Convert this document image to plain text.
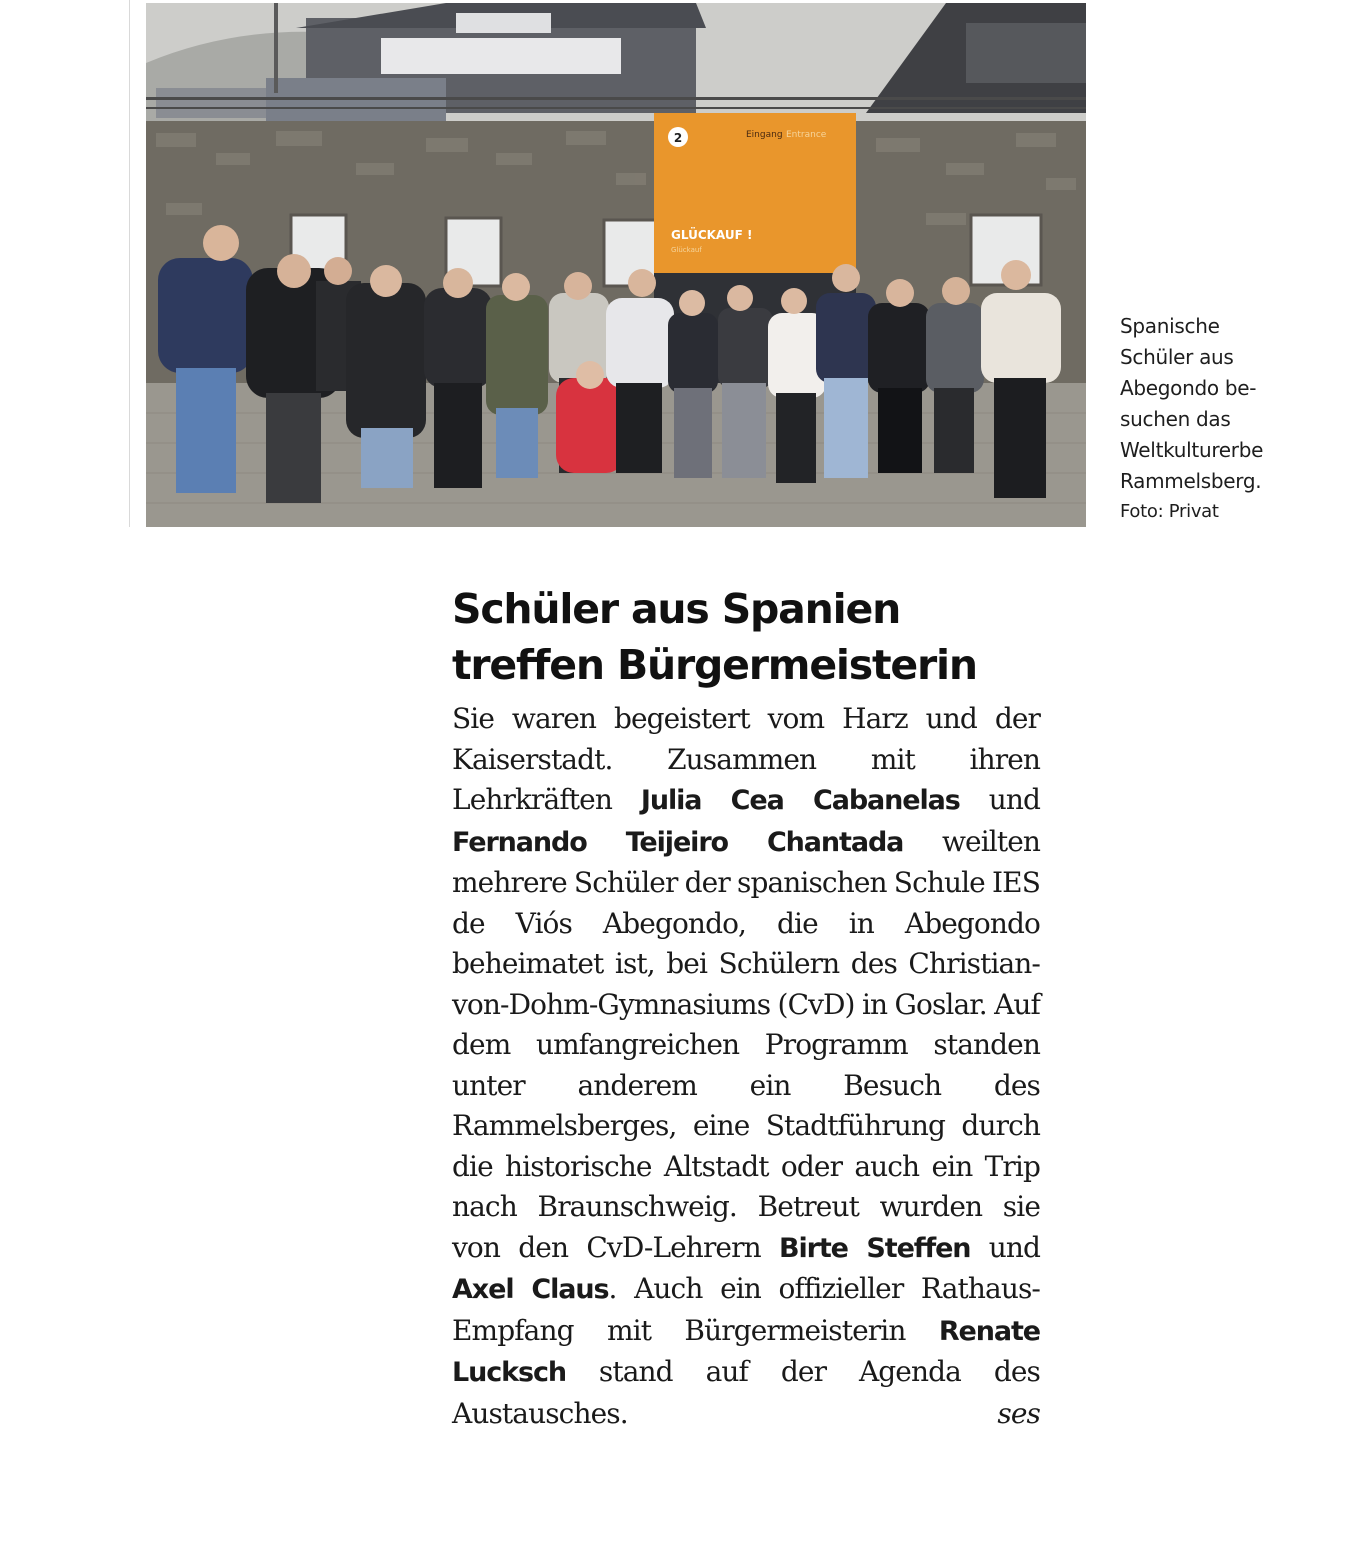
2	Eingang Entrance
GLÜCKAUF !
Glückauf
Spanische
Schüler aus
Abegondo be-
suchen das
Weltkulturerbe
Rammelsberg.
Foto: Privat
Schüler aus Spanien
treffen Bürgermeisterin

Sie waren begeistert vom Harz und der Kaiserstadt. Zusammen mit ihren Lehrkräften Julia Cea Cabanelas und Fernando Teijeiro Chantada weilten mehrere Schüler der spanischen Schule IES de Viós Abegondo, die in Abegondo beheimatet ist, bei Schülern des Christian-von-Dohm-Gymnasiums (CvD) in Goslar. Auf dem umfangreichen Programm standen unter anderem ein Besuch des Rammelsberges, eine Stadtführung durch die historische Altstadt oder auch ein Trip nach Braunschweig. Betreut wurden sie von den CvD-Lehrern Birte Steffen und Axel Claus. Auch ein offizieller Rathaus-Empfang mit Bürgermeisterin Renate Lucksch stand auf der Agenda des Austausches.	ses
